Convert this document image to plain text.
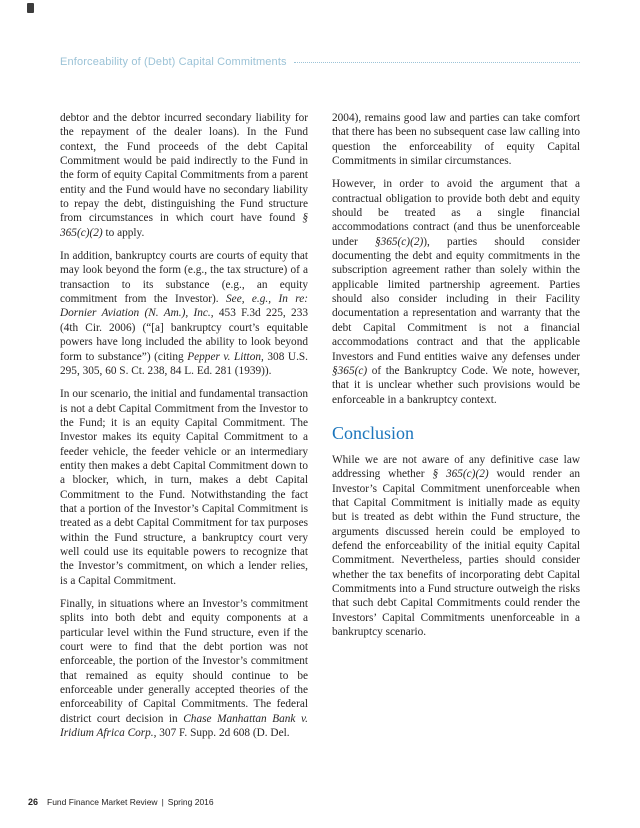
Enforceability of (Debt) Capital Commitments

debtor and the debtor incurred secondary liability for the repayment of the dealer loans). In the Fund context, the Fund proceeds of the debt Capital Commitment would be paid indirectly to the Fund in the form of equity Capital Commitments from a parent entity and the Fund would have no secondary liability to repay the debt, distinguishing the Fund structure from circumstances in which court have found § 365(c)(2) to apply.

In addition, bankruptcy courts are courts of equity that may look beyond the form (e.g., the tax structure) of a transaction to its substance (e.g., an equity commitment from the Investor). See, e.g., In re: Dornier Aviation (N. Am.), Inc., 453 F.3d 225, 233 (4th Cir. 2006) (“[a] bankruptcy court’s equitable powers have long included the ability to look beyond form to substance”) (citing Pepper v. Litton, 308 U.S. 295, 305, 60 S. Ct. 238, 84 L. Ed. 281 (1939)).

In our scenario, the initial and fundamental transaction is not a debt Capital Commitment from the Investor to the Fund; it is an equity Capital Commitment. The Investor makes its equity Capital Commitment to a feeder vehicle, the feeder vehicle or an intermediary entity then makes a debt Capital Commitment down to a blocker, which, in turn, makes a debt Capital Commitment to the Fund. Notwithstanding the fact that a portion of the Investor’s Capital Commitment is treated as a debt Capital Commitment for tax purposes within the Fund structure, a bankruptcy court very well could use its equitable powers to recognize that the Investor’s commitment, on which a lender relies, is a Capital Commitment.

Finally, in situations where an Investor’s commitment splits into both debt and equity components at a particular level within the Fund structure, even if the court were to find that the debt portion was not enforceable, the portion of the Investor’s commitment that remained as equity should continue to be enforceable under generally accepted theories of the enforceability of Capital Commitments. The federal district court decision in Chase Manhattan Bank v. Iridium Africa Corp., 307 F. Supp. 2d 608 (D. Del.

2004), remains good law and parties can take comfort that there has been no subsequent case law calling into question the enforceability of equity Capital Commitments in similar circumstances.

However, in order to avoid the argument that a contractual obligation to provide both debt and equity should be treated as a single financial accommodations contract (and thus be unenforceable under §365(c)(2)), parties should consider documenting the debt and equity commitments in the subscription agreement rather than solely within the applicable limited partnership agreement. Parties should also consider including in their Facility documentation a representation and warranty that the debt Capital Commitment is not a financial accommodations contract and that the applicable Investors and Fund entities waive any defenses under §365(c) of the Bankruptcy Code. We note, however, that it is unclear whether such provisions would be enforceable in a bankruptcy context.

Conclusion

While we are not aware of any definitive case law addressing whether § 365(c)(2) would render an Investor’s Capital Commitment unenforceable when that Capital Commitment is initially made as equity but is treated as debt within the Fund structure, the arguments discussed herein could be employed to defend the enforceability of the initial equity Capital Commitment. Nevertheless, parties should consider whether the tax benefits of incorporating debt Capital Commitments into a Fund structure outweigh the risks that such debt Capital Commitments could render the Investors’ Capital Commitments unenforceable in a bankruptcy scenario.

26 Fund Finance Market Review | Spring 2016
